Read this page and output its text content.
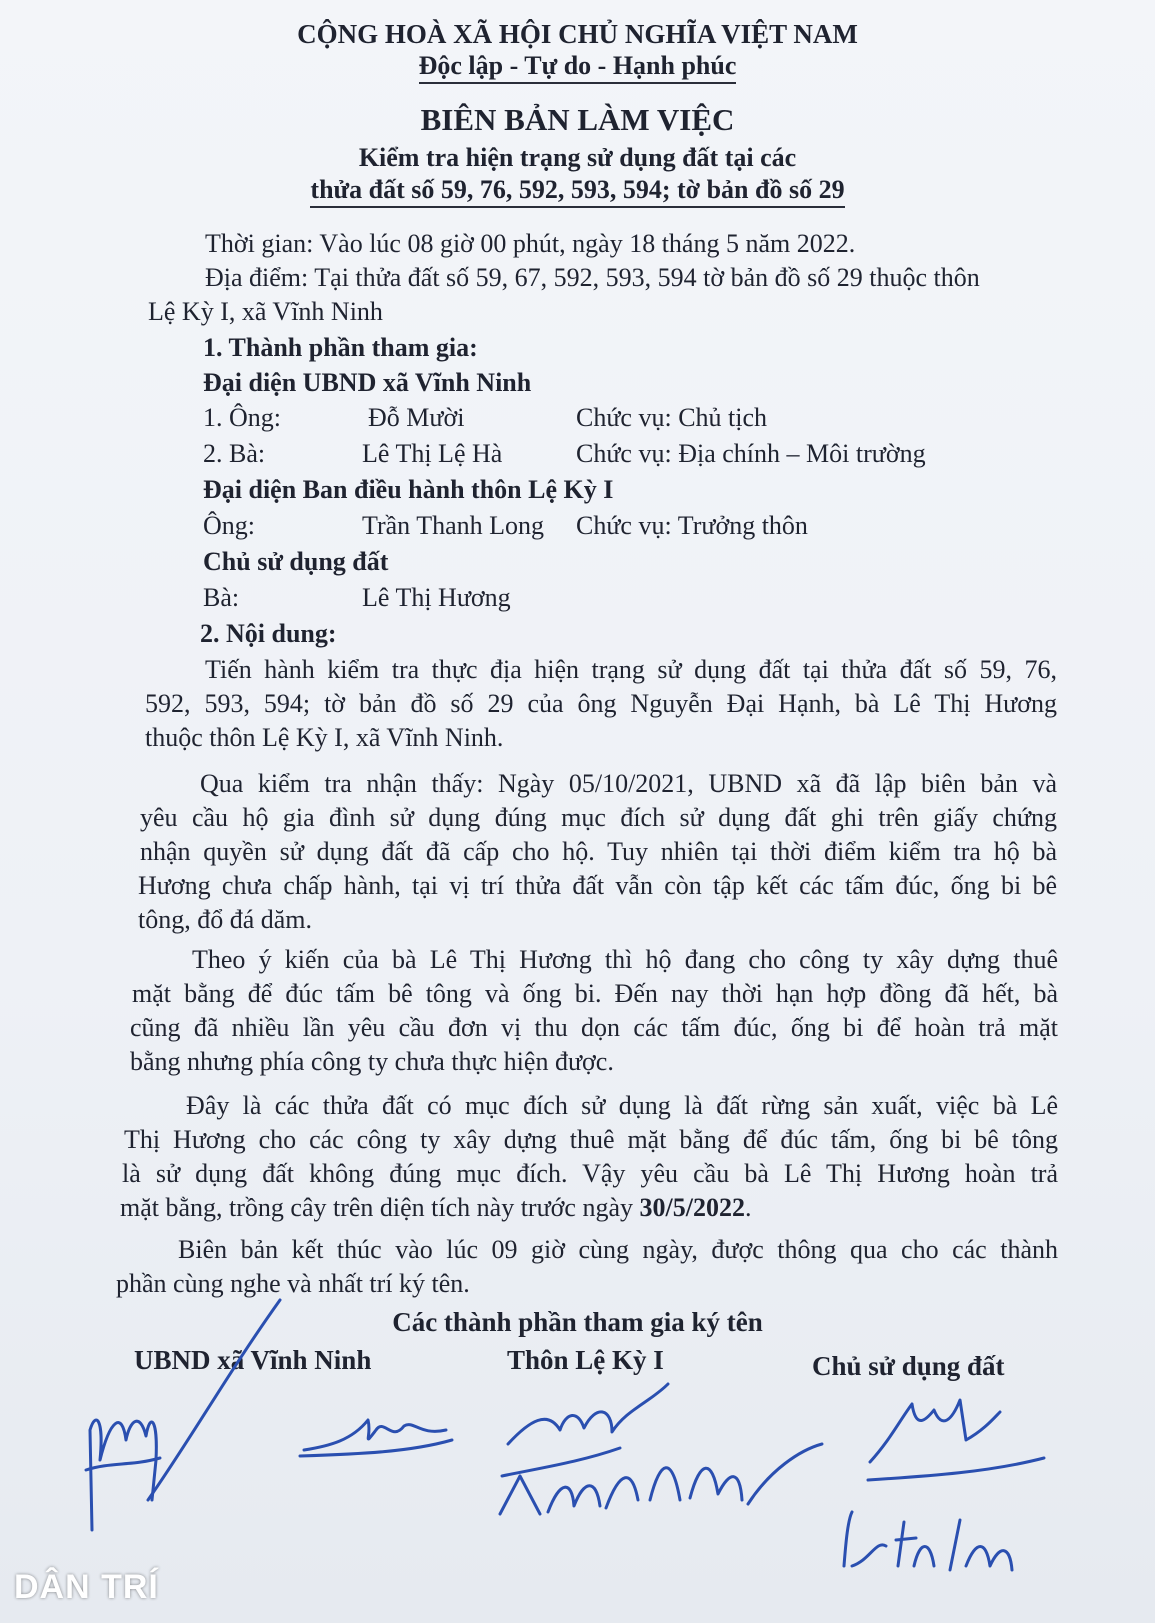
CỘNG HOÀ XÃ HỘI CHỦ NGHĨA VIỆT NAM
Độc lập - Tự do - Hạnh phúc
BIÊN BẢN LÀM VIỆC
Kiểm tra hiện trạng sử dụng đất tại các
thửa đất số 59, 76, 592, 593, 594; tờ bản đồ số 29
Thời gian: Vào lúc 08 giờ 00 phút, ngày 18 tháng 5 năm 2022.
Địa điểm: Tại thửa đất số 59, 67, 592, 593, 594 tờ bản đồ số 29 thuộc thôn
Lệ Kỳ I, xã Vĩnh Ninh
1. Thành phần tham gia:
Đại diện UBND xã Vĩnh Ninh
1. Ông:	Đỗ Mười	Chức vụ: Chủ tịch
2. Bà:	Lê Thị Lệ Hà	Chức vụ: Địa chính – Môi trường
Đại diện Ban điều hành thôn Lệ Kỳ I
Ông:	Trần Thanh Long Chức vụ: Trưởng thôn
Chủ sử dụng đất
Bà:	Lê Thị Hương
2. Nội dung:
Tiến hành kiểm tra thực địa hiện trạng sử dụng đất tại thửa đất số 59, 76,
592, 593, 594; tờ bản đồ số 29 của ông Nguyễn Đại Hạnh, bà Lê Thị Hương
thuộc thôn Lệ Kỳ I, xã Vĩnh Ninh.
Qua kiểm tra nhận thấy: Ngày 05/10/2021, UBND xã đã lập biên bản và
yêu cầu hộ gia đình sử dụng đúng mục đích sử dụng đất ghi trên giấy chứng
nhận quyền sử dụng đất đã cấp cho hộ. Tuy nhiên tại thời điểm kiểm tra hộ bà
Hương chưa chấp hành, tại vị trí thửa đất vẫn còn tập kết các tấm đúc, ống bi bê
tông, đổ đá dăm.
Theo ý kiến của bà Lê Thị Hương thì hộ đang cho công ty xây dựng thuê
mặt bằng để đúc tấm bê tông và ống bi. Đến nay thời hạn hợp đồng đã hết, bà
cũng đã nhiều lần yêu cầu đơn vị thu dọn các tấm đúc, ống bi để hoàn trả mặt
bằng nhưng phía công ty chưa thực hiện được.
Đây là các thửa đất có mục đích sử dụng là đất rừng sản xuất, việc bà Lê
Thị Hương cho các công ty xây dựng thuê mặt bằng để đúc tấm, ống bi bê tông
là sử dụng đất không đúng mục đích. Vậy yêu cầu bà Lê Thị Hương hoàn trả
mặt bằng, trồng cây trên diện tích này trước ngày 30/5/2022.
Biên bản kết thúc vào lúc 09 giờ cùng ngày, được thông qua cho các thành
phần cùng nghe và nhất trí ký tên.
Các thành phần tham gia ký tên
UBND xã Vĩnh Ninh	Thôn Lệ Kỳ I	Chủ sử dụng đất
DÂN TRÍ
